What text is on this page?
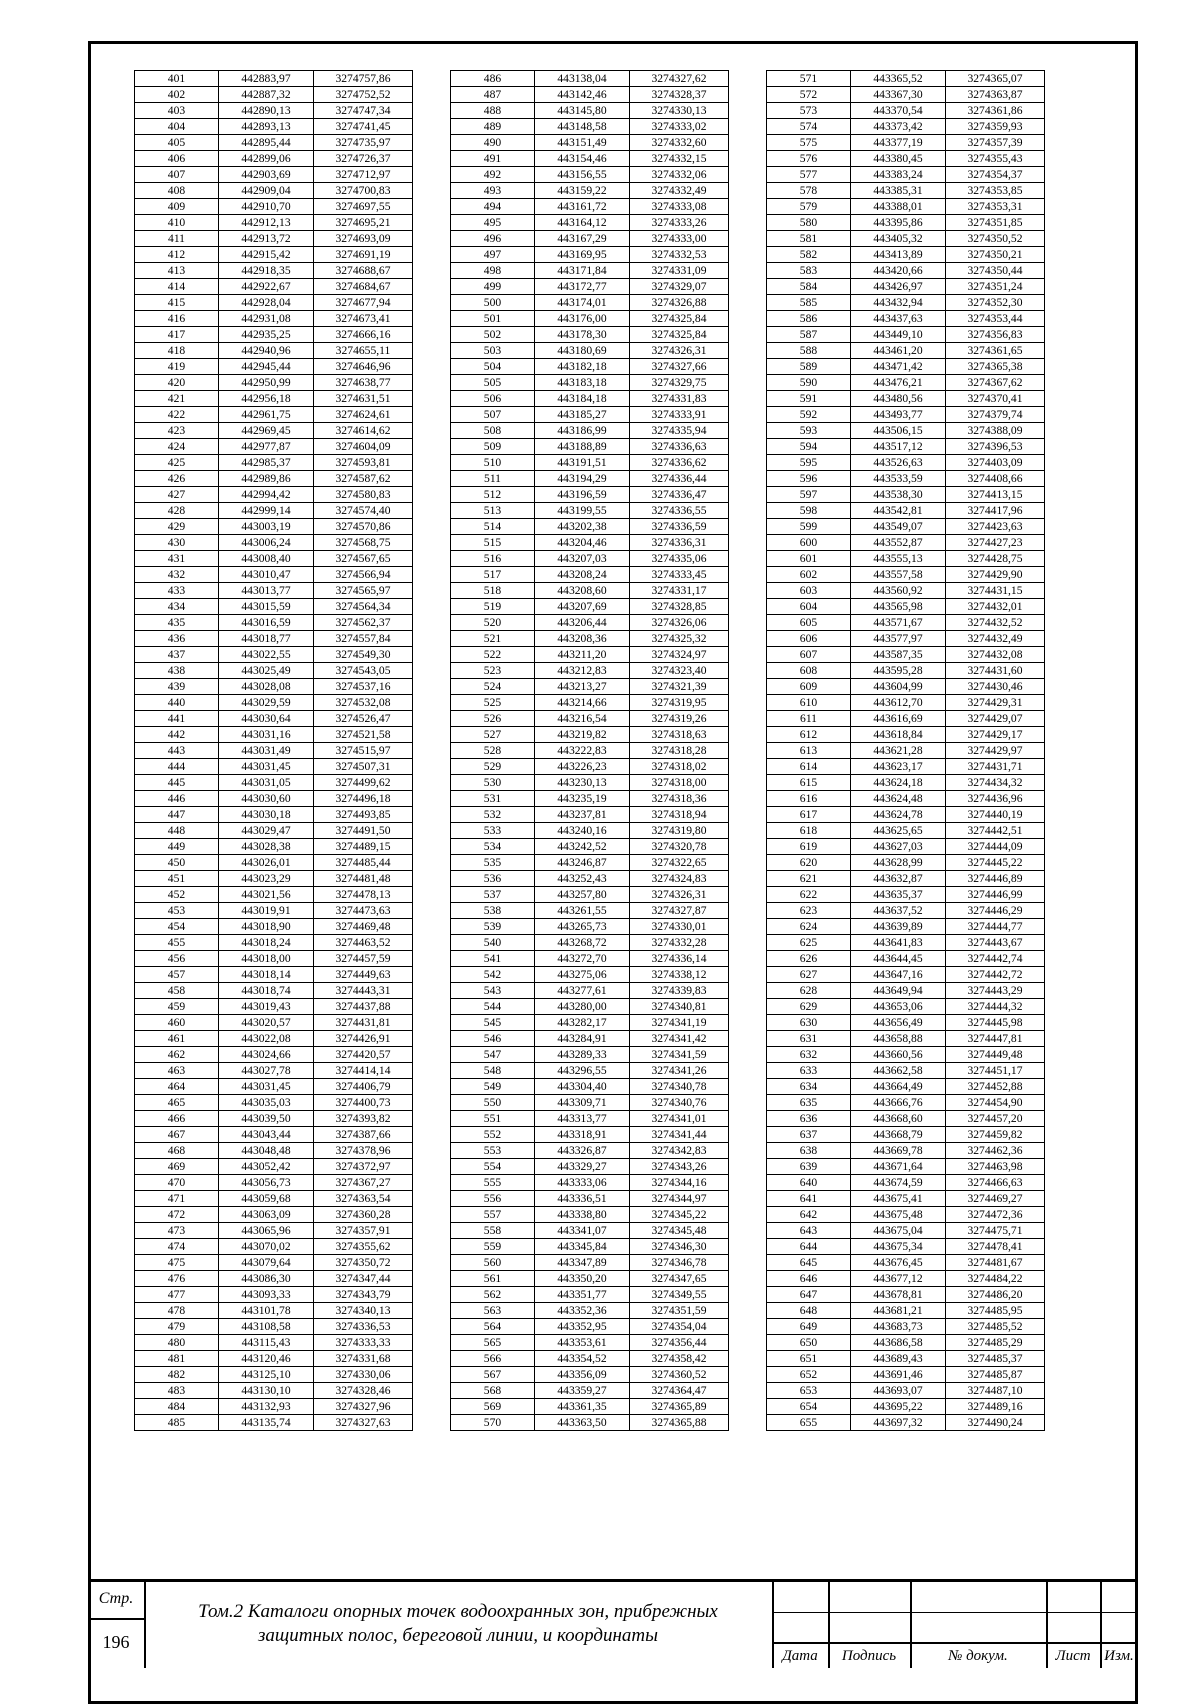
401	442883,97	3274757,86
402	442887,32	3274752,52
403	442890,13	3274747,34
404	442893,13	3274741,45
405	442895,44	3274735,97
406	442899,06	3274726,37
407	442903,69	3274712,97
408	442909,04	3274700,83
409	442910,70	3274697,55
410	442912,13	3274695,21
411	442913,72	3274693,09
412	442915,42	3274691,19
413	442918,35	3274688,67
414	442922,67	3274684,67
415	442928,04	3274677,94
416	442931,08	3274673,41
417	442935,25	3274666,16
418	442940,96	3274655,11
419	442945,44	3274646,96
420	442950,99	3274638,77
421	442956,18	3274631,51
422	442961,75	3274624,61
423	442969,45	3274614,62
424	442977,87	3274604,09
425	442985,37	3274593,81
426	442989,86	3274587,62
427	442994,42	3274580,83
428	442999,14	3274574,40
429	443003,19	3274570,86
430	443006,24	3274568,75
431	443008,40	3274567,65
432	443010,47	3274566,94
433	443013,77	3274565,97
434	443015,59	3274564,34
435	443016,59	3274562,37
436	443018,77	3274557,84
437	443022,55	3274549,30
438	443025,49	3274543,05
439	443028,08	3274537,16
440	443029,59	3274532,08
441	443030,64	3274526,47
442	443031,16	3274521,58
443	443031,49	3274515,97
444	443031,45	3274507,31
445	443031,05	3274499,62
446	443030,60	3274496,18
447	443030,18	3274493,85
448	443029,47	3274491,50
449	443028,38	3274489,15
450	443026,01	3274485,44
451	443023,29	3274481,48
452	443021,56	3274478,13
453	443019,91	3274473,63
454	443018,90	3274469,48
455	443018,24	3274463,52
456	443018,00	3274457,59
457	443018,14	3274449,63
458	443018,74	3274443,31
459	443019,43	3274437,88
460	443020,57	3274431,81
461	443022,08	3274426,91
462	443024,66	3274420,57
463	443027,78	3274414,14
464	443031,45	3274406,79
465	443035,03	3274400,73
466	443039,50	3274393,82
467	443043,44	3274387,66
468	443048,48	3274378,96
469	443052,42	3274372,97
470	443056,73	3274367,27
471	443059,68	3274363,54
472	443063,09	3274360,28
473	443065,96	3274357,91
474	443070,02	3274355,62
475	443079,64	3274350,72
476	443086,30	3274347,44
477	443093,33	3274343,79
478	443101,78	3274340,13
479	443108,58	3274336,53
480	443115,43	3274333,33
481	443120,46	3274331,68
482	443125,10	3274330,06
483	443130,10	3274328,46
484	443132,93	3274327,96
485	443135,74	3274327,63
486	443138,04	3274327,62
487	443142,46	3274328,37
488	443145,80	3274330,13
489	443148,58	3274333,02
490	443151,49	3274332,60
491	443154,46	3274332,15
492	443156,55	3274332,06
493	443159,22	3274332,49
494	443161,72	3274333,08
495	443164,12	3274333,26
496	443167,29	3274333,00
497	443169,95	3274332,53
498	443171,84	3274331,09
499	443172,77	3274329,07
500	443174,01	3274326,88
501	443176,00	3274325,84
502	443178,30	3274325,84
503	443180,69	3274326,31
504	443182,18	3274327,66
505	443183,18	3274329,75
506	443184,18	3274331,83
507	443185,27	3274333,91
508	443186,99	3274335,94
509	443188,89	3274336,63
510	443191,51	3274336,62
511	443194,29	3274336,44
512	443196,59	3274336,47
513	443199,55	3274336,55
514	443202,38	3274336,59
515	443204,46	3274336,31
516	443207,03	3274335,06
517	443208,24	3274333,45
518	443208,60	3274331,17
519	443207,69	3274328,85
520	443206,44	3274326,06
521	443208,36	3274325,32
522	443211,20	3274324,97
523	443212,83	3274323,40
524	443213,27	3274321,39
525	443214,66	3274319,95
526	443216,54	3274319,26
527	443219,82	3274318,63
528	443222,83	3274318,28
529	443226,23	3274318,02
530	443230,13	3274318,00
531	443235,19	3274318,36
532	443237,81	3274318,94
533	443240,16	3274319,80
534	443242,52	3274320,78
535	443246,87	3274322,65
536	443252,43	3274324,83
537	443257,80	3274326,31
538	443261,55	3274327,87
539	443265,73	3274330,01
540	443268,72	3274332,28
541	443272,70	3274336,14
542	443275,06	3274338,12
543	443277,61	3274339,83
544	443280,00	3274340,81
545	443282,17	3274341,19
546	443284,91	3274341,42
547	443289,33	3274341,59
548	443296,55	3274341,26
549	443304,40	3274340,78
550	443309,71	3274340,76
551	443313,77	3274341,01
552	443318,91	3274341,44
553	443326,87	3274342,83
554	443329,27	3274343,26
555	443333,06	3274344,16
556	443336,51	3274344,97
557	443338,80	3274345,22
558	443341,07	3274345,48
559	443345,84	3274346,30
560	443347,89	3274346,78
561	443350,20	3274347,65
562	443351,77	3274349,55
563	443352,36	3274351,59
564	443352,95	3274354,04
565	443353,61	3274356,44
566	443354,52	3274358,42
567	443356,09	3274360,52
568	443359,27	3274364,47
569	443361,35	3274365,89
570	443363,50	3274365,88
571	443365,52	3274365,07
572	443367,30	3274363,87
573	443370,54	3274361,86
574	443373,42	3274359,93
575	443377,19	3274357,39
576	443380,45	3274355,43
577	443383,24	3274354,37
578	443385,31	3274353,85
579	443388,01	3274353,31
580	443395,86	3274351,85
581	443405,32	3274350,52
582	443413,89	3274350,21
583	443420,66	3274350,44
584	443426,97	3274351,24
585	443432,94	3274352,30
586	443437,63	3274353,44
587	443449,10	3274356,83
588	443461,20	3274361,65
589	443471,42	3274365,38
590	443476,21	3274367,62
591	443480,56	3274370,41
592	443493,77	3274379,74
593	443506,15	3274388,09
594	443517,12	3274396,53
595	443526,63	3274403,09
596	443533,59	3274408,66
597	443538,30	3274413,15
598	443542,81	3274417,96
599	443549,07	3274423,63
600	443552,87	3274427,23
601	443555,13	3274428,75
602	443557,58	3274429,90
603	443560,92	3274431,15
604	443565,98	3274432,01
605	443571,67	3274432,52
606	443577,97	3274432,49
607	443587,35	3274432,08
608	443595,28	3274431,60
609	443604,99	3274430,46
610	443612,70	3274429,31
611	443616,69	3274429,07
612	443618,84	3274429,17
613	443621,28	3274429,97
614	443623,17	3274431,71
615	443624,18	3274434,32
616	443624,48	3274436,96
617	443624,78	3274440,19
618	443625,65	3274442,51
619	443627,03	3274444,09
620	443628,99	3274445,22
621	443632,87	3274446,89
622	443635,37	3274446,99
623	443637,52	3274446,29
624	443639,89	3274444,77
625	443641,83	3274443,67
626	443644,45	3274442,74
627	443647,16	3274442,72
628	443649,94	3274443,29
629	443653,06	3274444,32
630	443656,49	3274445,98
631	443658,88	3274447,81
632	443660,56	3274449,48
633	443662,58	3274451,17
634	443664,49	3274452,88
635	443666,76	3274454,90
636	443668,60	3274457,20
637	443668,79	3274459,82
638	443669,78	3274462,36
639	443671,64	3274463,98
640	443674,59	3274466,63
641	443675,41	3274469,27
642	443675,48	3274472,36
643	443675,04	3274475,71
644	443675,34	3274478,41
645	443676,45	3274481,67
646	443677,12	3274484,22
647	443678,81	3274486,20
648	443681,21	3274485,95
649	443683,73	3274485,52
650	443686,58	3274485,29
651	443689,43	3274485,37
652	443691,46	3274485,87
653	443693,07	3274487,10
654	443695,22	3274489,16
655	443697,32	3274490,24
Стр.
196
Том.2 Каталоги опорных точек водоохранных зон, прибрежных
защитных полос, береговой линии, и координаты
Дата	Подпись	№ докум.	Лист Изм.
